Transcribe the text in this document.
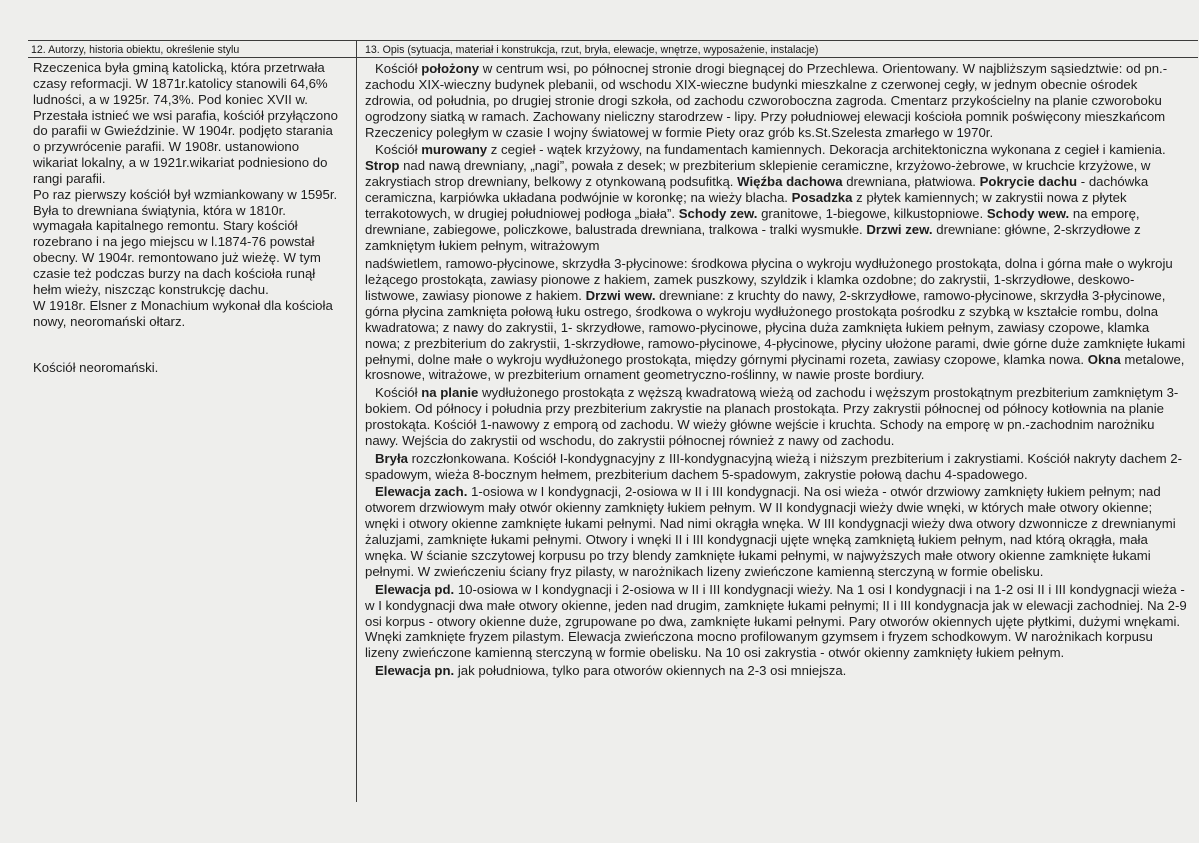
12. Autorzy, historia obiektu, określenie stylu	13. Opis (sytuacja, materiał i konstrukcja, rzut, bryła, elewacje, wnętrze, wyposażenie, instalacje)

Rzeczenica była gminą katolicką, która przetrwała czasy reformacji. W 1871r.katolicy stanowili 64,6% ludności, a w 1925r. 74,3%. Pod koniec XVII w. Przestała istnieć we wsi parafia, kościół przyłączono do parafii w Gwieździnie. W 1904r. podjęto starania o przywrócenie parafii. W 1908r. ustanowiono wikariat lokalny, a w 1921r.wikariat podniesiono do rangi parafii.

Po raz pierwszy kościół był wzmiankowany w 1595r. Była to drewniana świątynia, która w 1810r. wymagała kapitalnego remontu. Stary kościół rozebrano i na jego miejscu w l.1874-76 powstał obecny. W 1904r. remontowano już wieżę. W tym czasie też podczas burzy na dach kościoła runął hełm wieży, niszcząc konstrukcję dachu.

W 1918r. Elsner z Monachium wykonał dla kościoła nowy, neoromański ołtarz.

Kościół neoromański.

Kościół położony w centrum wsi, po północnej stronie drogi biegnącej do Przechlewa. Orientowany. W najbliższym sąsiedztwie: od pn.-zachodu XIX-wieczny budynek plebanii, od wschodu XIX-wieczne budynki mieszkalne z czerwonej cegły, w jednym obecnie ośrodek zdrowia, od południa, po drugiej stronie drogi szkoła, od zachodu czworoboczna zagroda. Cmentarz przykościelny na planie czworoboku ogrodzony siatką w ramach. Zachowany nieliczny starodrzew - lipy. Przy południowej elewacji kościoła pomnik poświęcony mieszkańcom Rzeczenicy poległym w czasie I wojny światowej w formie Piety oraz grób ks.St.Szelesta zmarłego w 1970r.

Kościół murowany z cegieł - wątek krzyżowy, na fundamentach kamiennych. Dekoracja architektoniczna wykonana z cegieł i kamienia. Strop nad nawą drewniany, „nagi”, powała z desek; w prezbiterium sklepienie ceramiczne, krzyżowo-żebrowe, w kruchcie krzyżowe, w zakrystiach strop drewniany, belkowy z otynkowaną podsufitką. Więźba dachowa drewniana, płatwiowa. Pokrycie dachu - dachówka ceramiczna, karpiówka układana podwójnie w koronkę; na wieży blacha. Posadzka z płytek kamiennych; w zakrystii nowa z płytek terrakotowych, w drugiej południowej podłoga „biała”. Schody zew. granitowe, 1-biegowe, kilkustopniowe. Schody wew. na emporę, drewniane, zabiegowe, policzkowe, balustrada drewniana, tralkowa - tralki wysmukłe. Drzwi zew. drewniane: główne, 2-skrzydłowe z zamkniętym łukiem pełnym, witrażowym

nadświetlem, ramowo-płycinowe, skrzydła 3-płycinowe: środkowa płycina o wykroju wydłużonego prostokąta, dolna i górna małe o wykroju leżącego prostokąta, zawiasy pionowe z hakiem, zamek puszkowy, szyldzik i klamka ozdobne; do zakrystii, 1-skrzydłowe, deskowo-listwowe, zawiasy pionowe z hakiem. Drzwi wew. drewniane: z kruchty do nawy, 2-skrzydłowe, ramowo-płycinowe, skrzydła 3-płycinowe, górna płycina zamknięta połową łuku ostrego, środkowa o wykroju wydłużonego prostokąta pośrodku z szybką w kształcie rombu, dolna kwadratowa; z nawy do zakrystii, 1- skrzydłowe, ramowo-płycinowe, płycina duża zamknięta łukiem pełnym, zawiasy czopowe, klamka nowa; z prezbiterium do zakrystii, 1-skrzydłowe, ramowo-płycinowe, 4-płycinowe, płyciny ułożone parami, dwie górne duże zamknięte łukami pełnymi, dolne małe o wykroju wydłużonego prostokąta, między górnymi płycinami rozeta, zawiasy czopowe, klamka nowa. Okna metalowe, krosnowe, witrażowe, w prezbiterium ornament geometryczno-roślinny, w nawie proste bordiury.

Kościół na planie wydłużonego prostokąta z węższą kwadratową wieżą od zachodu i węższym prostokątnym prezbiterium zamkniętym 3-bokiem. Od północy i południa przy prezbiterium zakrystie na planach prostokąta. Przy zakrystii północnej od północy kotłownia na planie prostokąta. Kościół 1-nawowy z emporą od zachodu. W wieży główne wejście i kruchta. Schody na emporę w pn.-zachodnim narożniku nawy. Wejścia do zakrystii od wschodu, do zakrystii północnej również z nawy od zachodu.

Bryła rozczłonkowana. Kościół I-kondygnacyjny z III-kondygnacyjną wieżą i niższym prezbiterium i zakrystiami. Kościół nakryty dachem 2-spadowym, wieża 8-bocznym hełmem, prezbiterium dachem 5-spadowym, zakrystie połową dachu 4-spadowego.

Elewacja zach. 1-osiowa w I kondygnacji, 2-osiowa w II i III kondygnacji. Na osi wieża - otwór drzwiowy zamknięty łukiem pełnym; nad otworem drzwiowym mały otwór okienny zamknięty łukiem pełnym. W II kondygnacji wieży dwie wnęki, w których małe otwory okienne; wnęki i otwory okienne zamknięte łukami pełnymi. Nad nimi okrągła wnęka. W III kondygnacji wieży dwa otwory dzwonnicze z drewnianymi żaluzjami, zamknięte łukami pełnymi. Otwory i wnęki II i III kondygnacji ujęte wnęką zamkniętą łukiem pełnym, nad którą okrągła, mała wnęka. W ścianie szczytowej korpusu po trzy blendy zamknięte łukami pełnymi, w najwyższych małe otwory okienne zamknięte łukami pełnymi. W zwieńczeniu ściany fryz pilasty, w narożnikach lizeny zwieńczone kamienną sterczyną w formie obelisku.

Elewacja pd. 10-osiowa w I kondygnacji i 2-osiowa w II i III kondygnacji wieży. Na 1 osi I kondygnacji i na 1-2 osi II i III kondygnacji wieża - w I kondygnacji dwa małe otwory okienne, jeden nad drugim, zamknięte łukami pełnymi; II i III kondygnacja jak w elewacji zachodniej. Na 2-9 osi korpus - otwory okienne duże, zgrupowane po dwa, zamknięte łukami pełnymi. Pary otworów okiennych ujęte płytkimi, dużymi wnękami. Wnęki zamknięte fryzem pilastym. Elewacja zwieńczona mocno profilowanym gzymsem i fryzem schodkowym. W narożnikach korpusu lizeny zwieńczone kamienną sterczyną w formie obelisku. Na 10 osi zakrystia - otwór okienny zamknięty łukiem pełnym.

Elewacja pn. jak południowa, tylko para otworów okiennych na 2-3 osi mniejsza.
